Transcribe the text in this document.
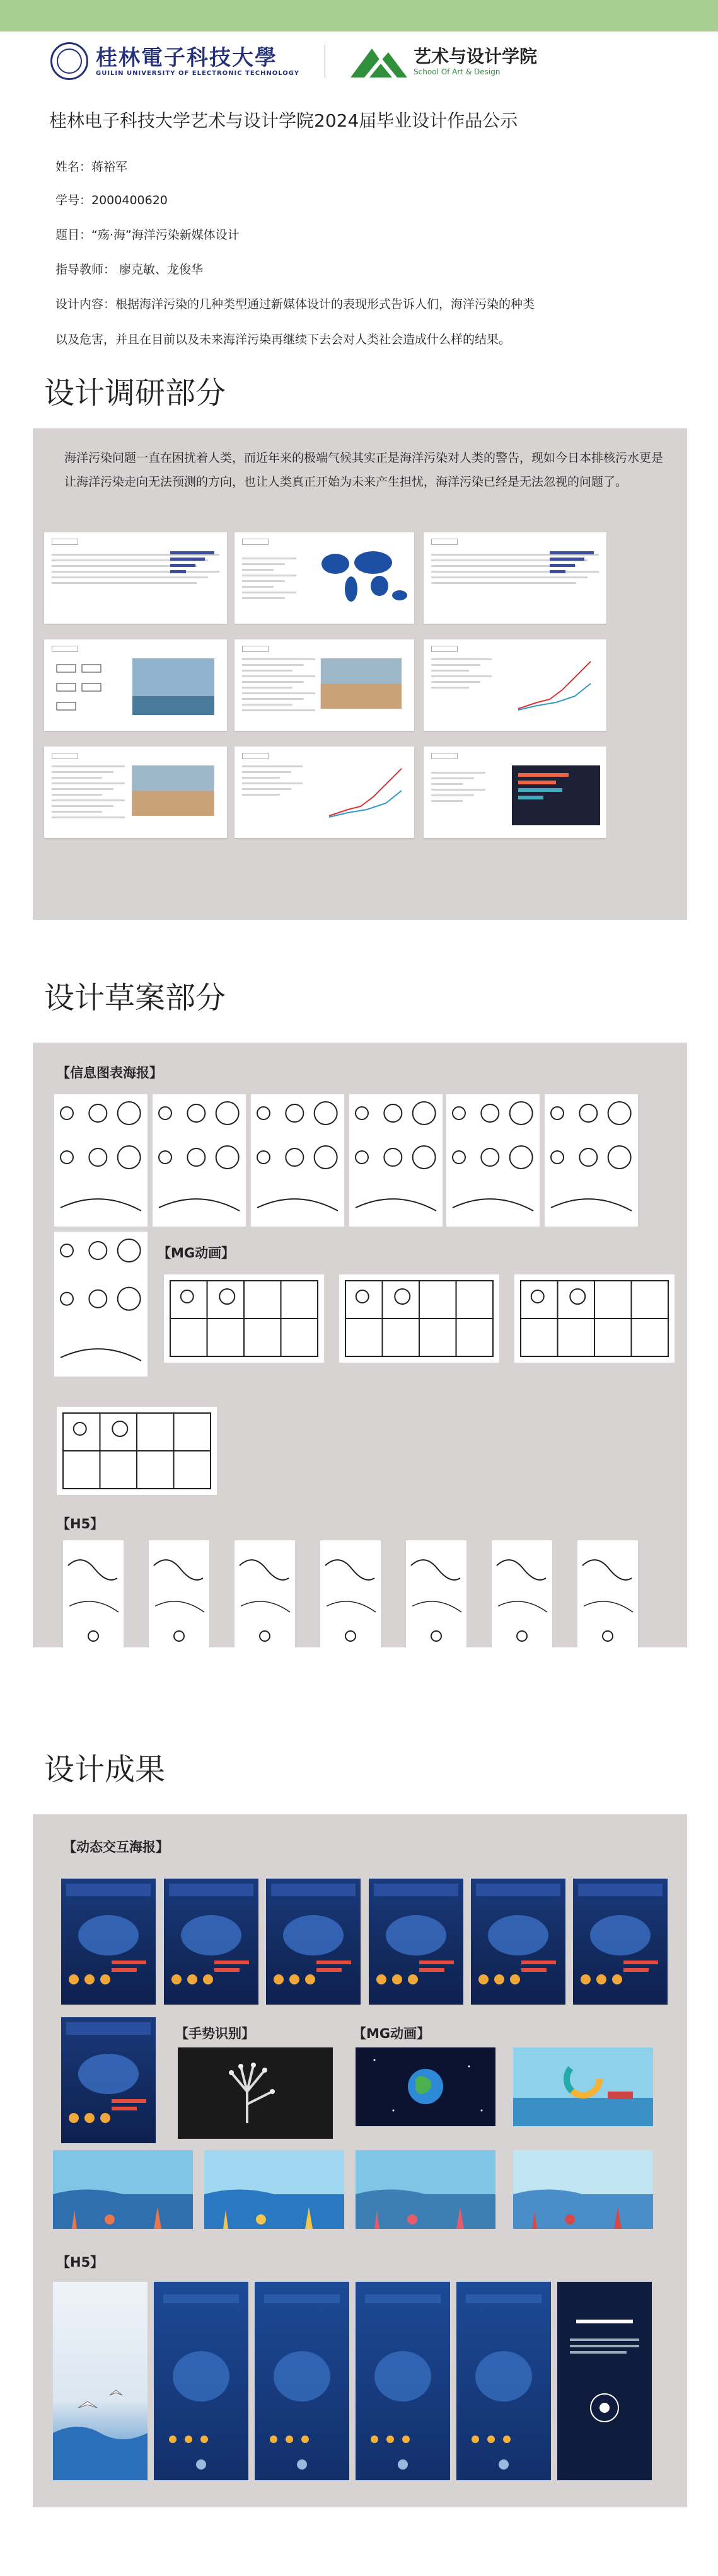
桂林電子科技大學
GUILIN UNIVERSITY OF ELECTRONIC TECHNOLOGY
艺术与设计学院
School Of Art & Design
桂林电子科技大学艺术与设计学院2024届毕业设计作品公示
姓名：蒋裕军
学号：2000400620
题目：“殇·海”海洋污染新媒体设计
指导教师： 廖克敏、龙俊华
设计内容：根据海洋污染的几种类型通过新媒体设计的表现形式告诉人们，海洋污染的种类
以及危害，并且在目前以及未来海洋污染再继续下去会对人类社会造成什么样的结果。
设计调研部分
海洋污染问题一直在困扰着人类，而近年来的极端气候其实正是海洋污染对人类的警告，现如今日本排核污水更是让海洋污染走向无法预测的方向，也让人类真正开始为未来产生担忧，海洋污染已经是无法忽视的问题了。
设计草案部分
【信息图表海报】
【MG动画】
【H5】
设计成果
【动态交互海报】
【手势识别】	【MG动画】
【H5】
